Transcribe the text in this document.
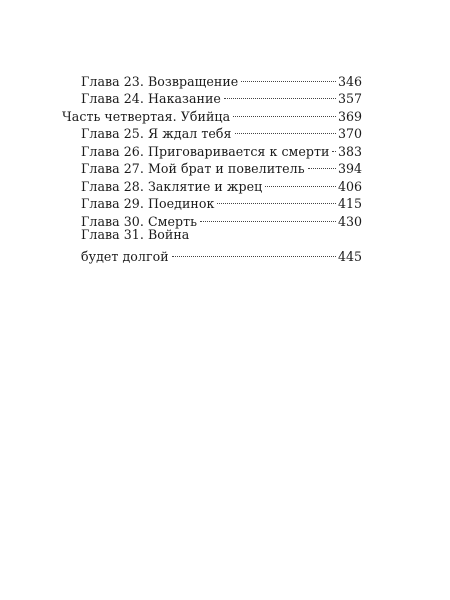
Глава 23. Возвращение	346
Глава 24. Наказание	357
Часть четвертая. Убийца	369
Глава 25. Я ждал тебя	370
Глава 26. Приговаривается к смерти 383
Глава 27. Мой брат и повелитель	394
Глава 28. Заклятие и жрец	406
Глава 29. Поединок	415
Глава 30. Смерть	430
Глава 31. Война
будет долгой	445
